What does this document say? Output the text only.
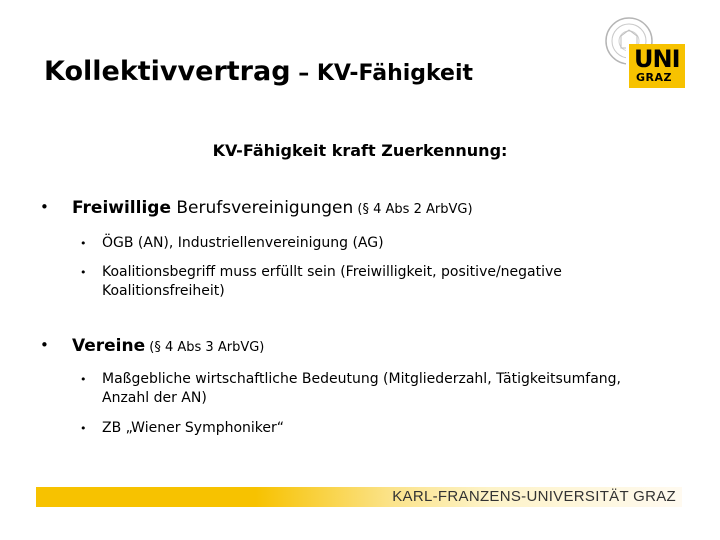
Kollektivvertrag – KV-Fähigkeit
UNI
GRAZ
KV-Fähigkeit kraft Zuerkennung:
• Freiwillige Berufsvereinigungen (§ 4 Abs 2 ArbVG)
• ÖGB (AN), Industriellenvereinigung (AG)
• Koalitionsbegriff muss erfüllt sein (Freiwilligkeit, positive/negative Koalitionsfreiheit)
• Vereine (§ 4 Abs 3 ArbVG)
• Maßgebliche wirtschaftliche Bedeutung (Mitgliederzahl, Tätigkeitsumfang, Anzahl der AN)
• ZB „Wiener Symphoniker“
KARL-FRANZENS-UNIVERSITÄT GRAZ
